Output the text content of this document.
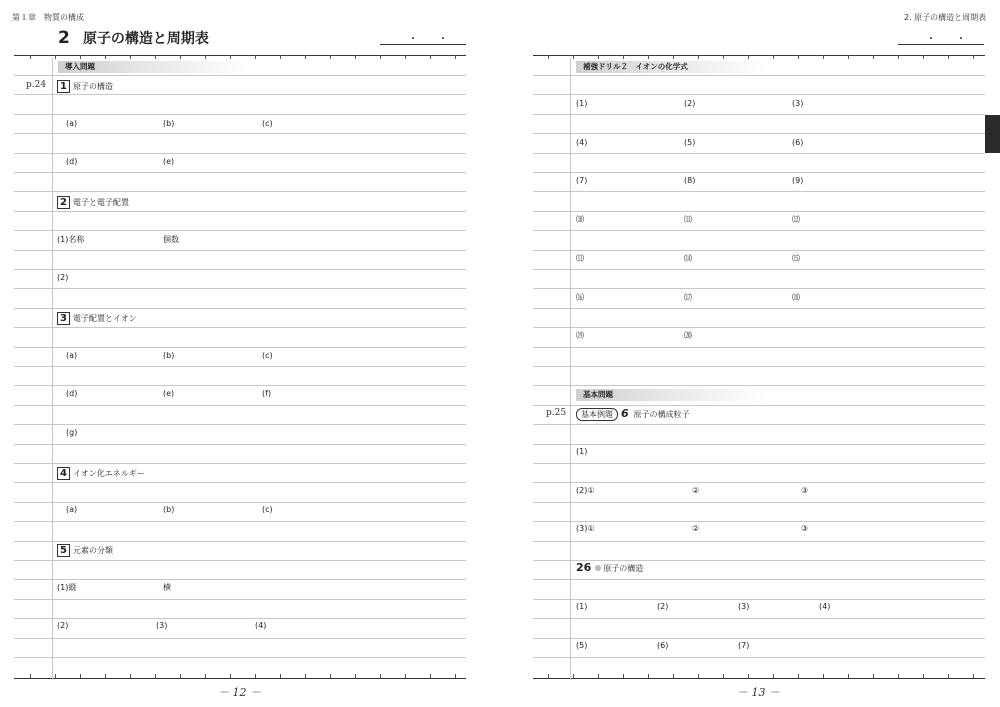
第１章　物質の構成
2 原子の構造と周期表	・　　・
導入問題
p.24	1 原子の構造
(a)	(b)	(c)
(d)	(e)
2 電子と電子配置
(1)名称	個数
(2)
3 電子配置とイオン
(a)	(b)	(c)
(d)	(e)	(f)
(g)
4 イオン化エネルギー
(a)	(b)	(c)
5 元素の分類
(1)縦	横
(2)	(3)	(4)
－ 12 －
2. 原子の構造と周期表
・　　・
補強ドリル２　イオンの化学式
(1)	(2)	(3)
(4)	(5)	(6)
(7)	(8)	(9)
⑽	⑾	⑿
⒀	⒁	⒂
⒃	⒄	⒅
⒆	⒇
基本問題
p.25	基本例題 6 原子の構成粒子
(1)
(2)①	②	③
(3)①	②	③
26 原子の構造
(1)	(2)	(3)	(4)
(5)	(6)	(7)
－ 13 －
